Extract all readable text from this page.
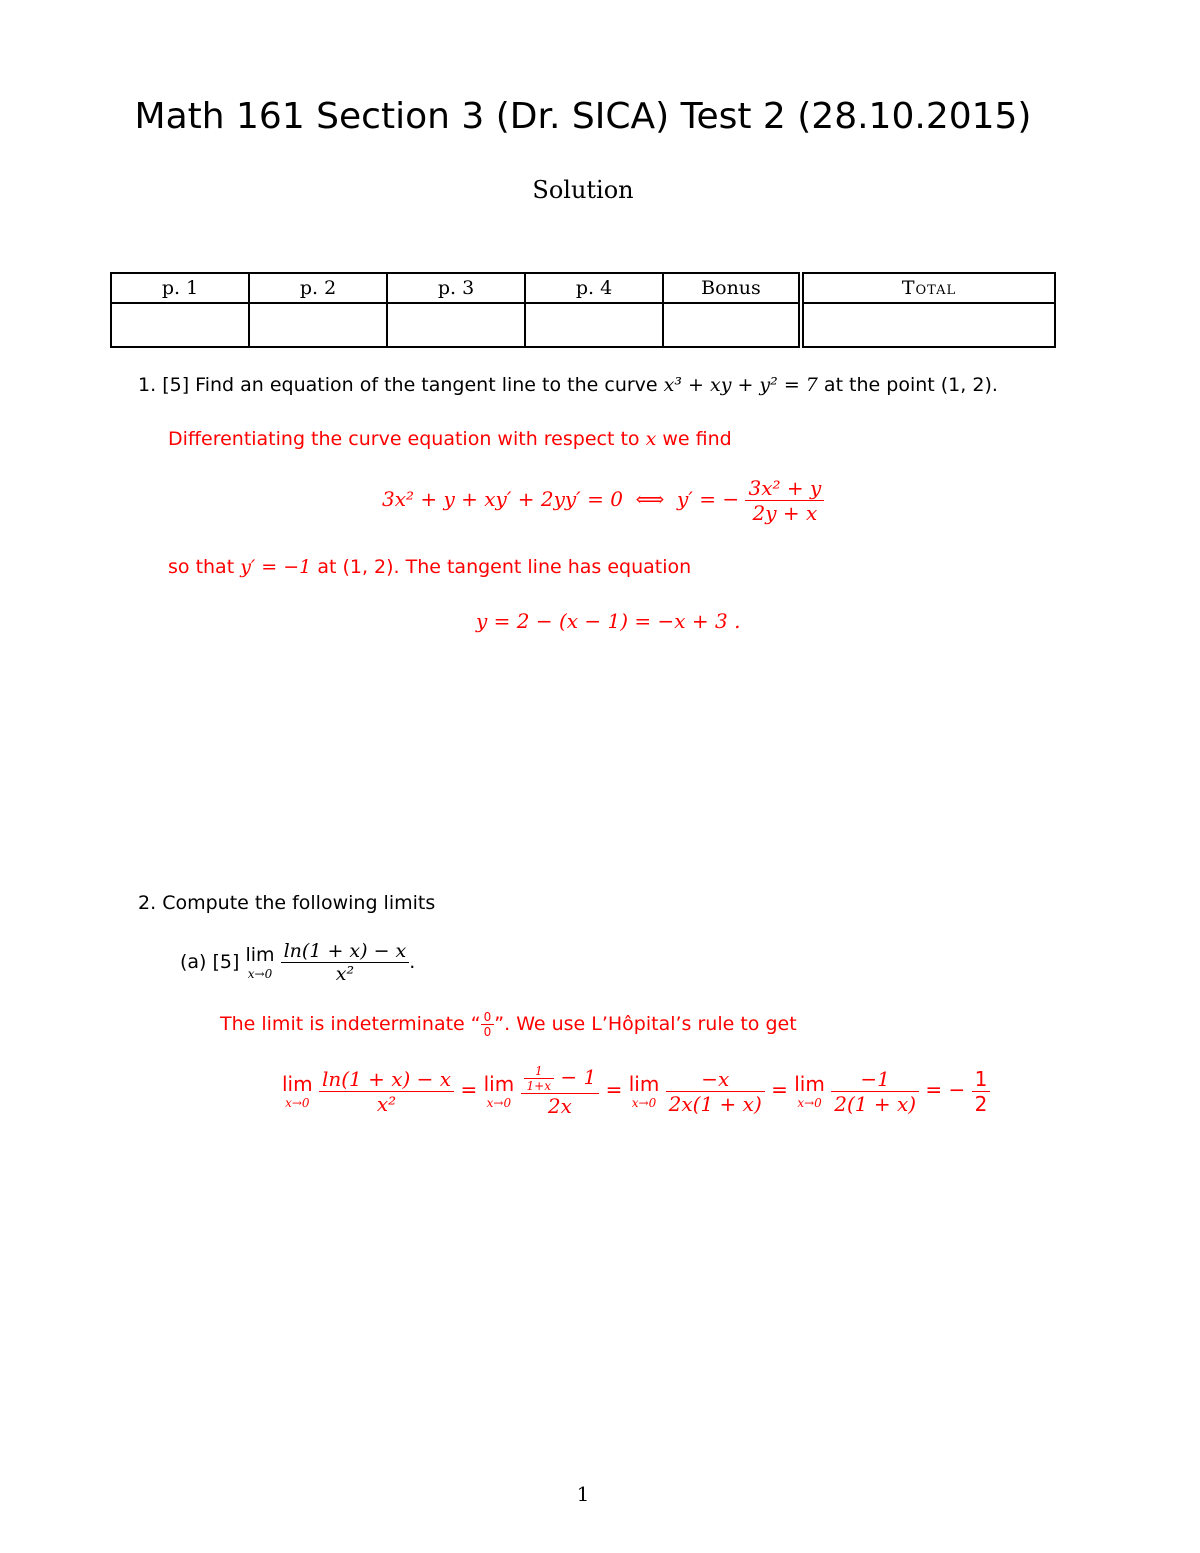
Math 161 Section 3 (Dr. SICA) Test 2 (28.10.2015)
Solution
p. 1	p. 2	p. 3	p. 4	Bonus	Total

1. [5] Find an equation of the tangent line to the curve x³ + xy + y² = 7 at the point (1, 2).
Differentiating the curve equation with respect to x we find
3x² + y + xy′ + 2yy′ = 0 ⟺ y′ = − $\frac{\text{3x² + y}}{2y + x}$
so that y′ = −1 at (1, 2). The tangent line has equation
y = 2 − (x − 1) = −x + 3 .
2. Compute the following limits
(a) [5] lim
x→0
$\frac{\ln(1 + x) - x}{\text{x²}}$ .
The limit is indeterminate “ $\frac{0}{0}$ ”. We use L’Hôpital’s rule to get
lim
x→0
$\frac{\ln(1 + x) - x}{\text{x²}} = \lim$
x→0
$\frac{\frac{1}{1+x} - 1}{2x} = \lim$
x→0
$\frac{-x}{2x(1 + x)} = \lim$
x→0
$\frac{-1}{2(1 + x)}$ = − $\frac{1}{2}$
1
